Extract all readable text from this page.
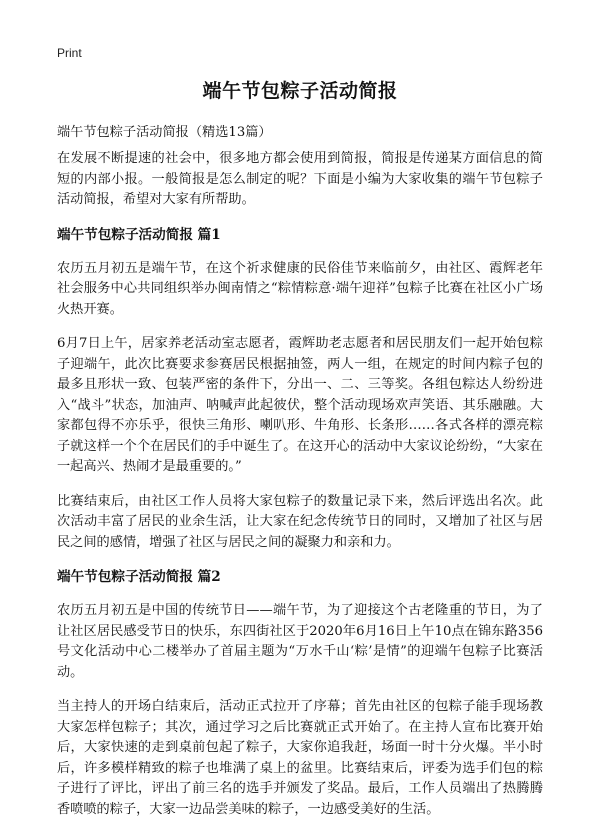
Print
端午节包粽子活动简报
端午节包粽子活动简报（精选13篇）

在发展不断提速的社会中，很多地方都会使用到简报，简报是传递某方面信息的简短的内部小报。一般简报是怎么制定的呢？下面是小编为大家收集的端午节包粽子活动简报，希望对大家有所帮助。

端午节包粽子活动简报 篇1

农历五月初五是端午节，在这个祈求健康的民俗佳节来临前夕，由社区、霞辉老年社会服务中心共同组织举办闽南情之“粽情粽意·端午迎祥”包粽子比赛在社区小广场火热开赛。

6月7日上午，居家养老活动室志愿者，霞辉助老志愿者和居民朋友们一起开始包粽子迎端午，此次比赛要求参赛居民根据抽签，两人一组，在规定的时间内粽子包的最多且形状一致、包装严密的条件下，分出一、二、三等奖。各组包粽达人纷纷进入“战斗”状态，加油声、呐喊声此起彼伏，整个活动现场欢声笑语、其乐融融。大家都包得不亦乐乎，很快三角形、喇叭形、牛角形、长条形……各式各样的漂亮粽子就这样一个个在居民们的手中诞生了。在这开心的活动中大家议论纷纷，“大家在一起高兴、热闹才是最重要的。”

比赛结束后，由社区工作人员将大家包粽子的数量记录下来，然后评选出名次。此次活动丰富了居民的业余生活，让大家在纪念传统节日的同时，又增加了社区与居民之间的感情，增强了社区与居民之间的凝聚力和亲和力。

端午节包粽子活动简报 篇2

农历五月初五是中国的传统节日——端午节，为了迎接这个古老隆重的节日，为了让社区居民感受节日的快乐，东四街社区于2020年6月16日上午10点在锦东路356号文化活动中心二楼举办了首届主题为“万水千山‘粽’是情”的迎端午包粽子比赛活动。

当主持人的开场白结束后，活动正式拉开了序幕；首先由社区的包粽子能手现场教大家怎样包粽子；其次，通过学习之后比赛就正式开始了。在主持人宣布比赛开始后，大家快速的走到桌前包起了粽子，大家你追我赶，场面一时十分火爆。半小时后，许多模样精致的粽子也堆满了桌上的盆里。比赛结束后，评委为选手们包的粽子进行了评比，评出了前三名的选手并颁发了奖品。最后，工作人员端出了热腾腾香喷喷的粽子，大家一边品尝美味的粽子，一边感受美好的生活。
